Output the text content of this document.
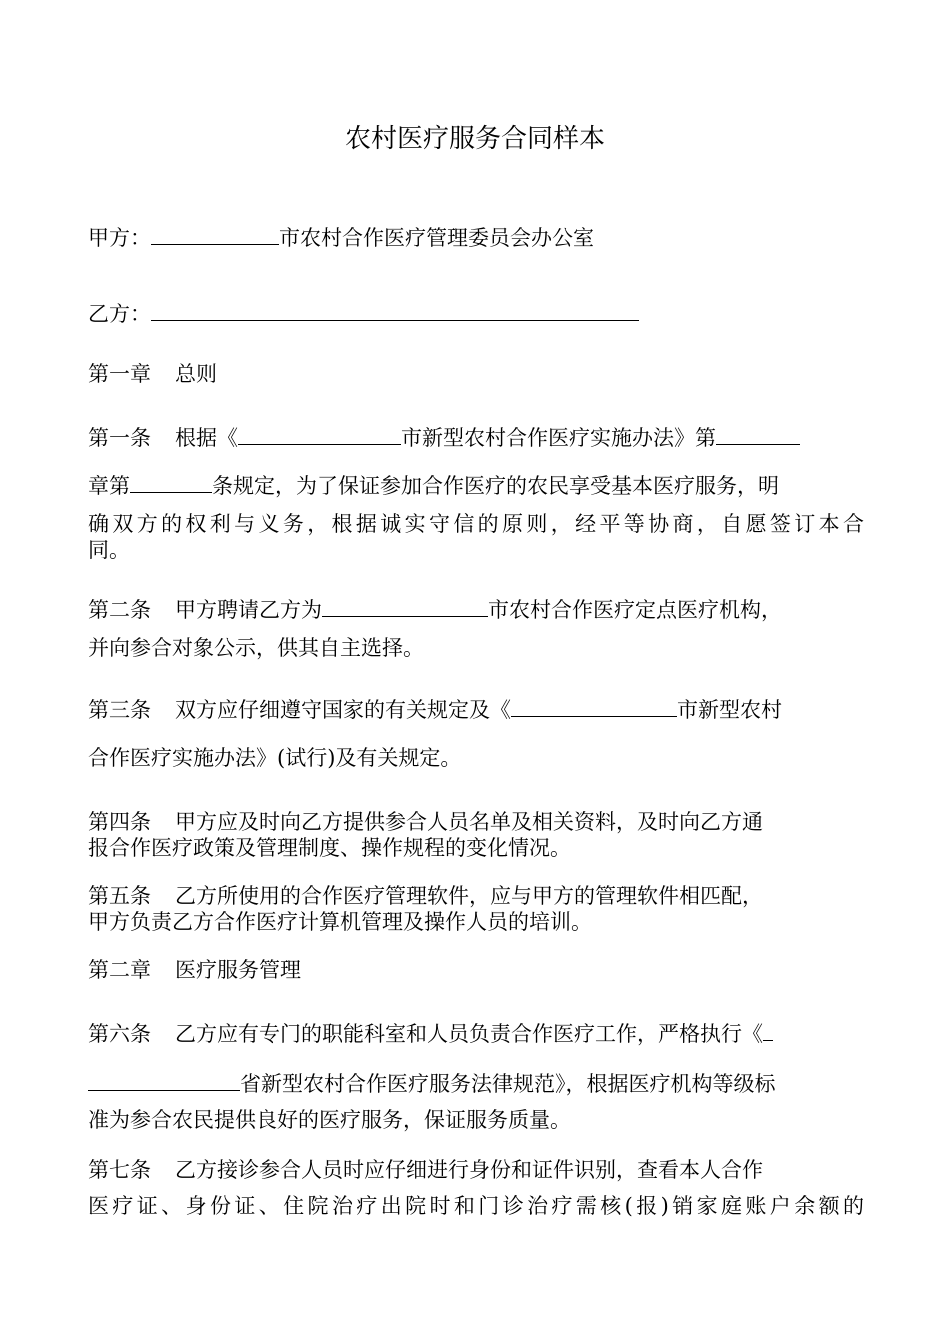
农村医疗服务合同样本
甲方：	市农村合作医疗管理委员会办公室
乙方：
第一章 总则
第一条 根据《	市新型农村合作医疗实施办法》第
章第	条规定，为了保证参加合作医疗的农民享受基本医疗服务，明
确双方的权利与义务，根据诚实守信的原则，经平等协商，自愿签订本合
同。
第二条 甲方聘请乙方为	市农村合作医疗定点医疗机构，
并向参合对象公示，供其自主选择。
第三条 双方应仔细遵守国家的有关规定及《	市新型农村
合作医疗实施办法》(试行)及有关规定。
第四条 甲方应及时向乙方提供参合人员名单及相关资料，及时向乙方通
报合作医疗政策及管理制度、操作规程的变化情况。
第五条 乙方所使用的合作医疗管理软件，应与甲方的管理软件相匹配，
甲方负责乙方合作医疗计算机管理及操作人员的培训。
第二章 医疗服务管理
第六条 乙方应有专门的职能科室和人员负责合作医疗工作，严格执行《
省新型农村合作医疗服务法律规范》，根据医疗机构等级标
准为参合农民提供良好的医疗服务，保证服务质量。
第七条 乙方接诊参合人员时应仔细进行身份和证件识别，查看本人合作
医疗证、身份证、住院治疗出院时和门诊治疗需核(报)销家庭账户余额的
